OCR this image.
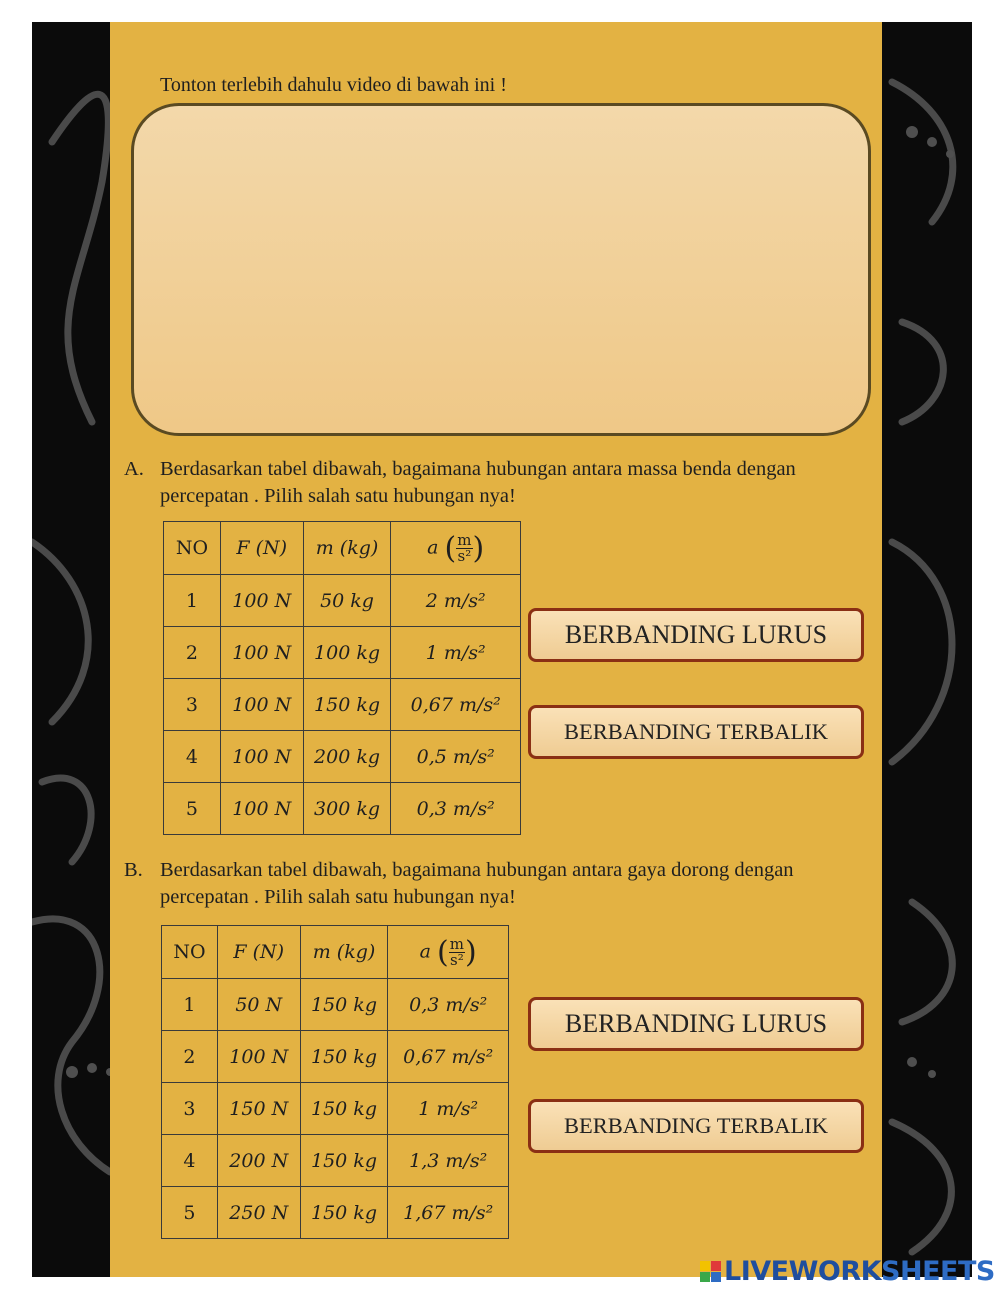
Tonton terlebih dahulu video di bawah ini !
A. Berdasarkan tabel dibawah, bagaimana hubungan antara massa benda dengan percepatan . Pilih salah satu hubungan nya!
NO	F (N)	m (kg)	a ( $\frac{m}{\text{s²}}$ )
1	100 N	50 kg	2 m/s²
2	100 N	100 kg	1 m/s²
3	100 N	150 kg	0,67 m/s²
4	100 N	200 kg	0,5 m/s²
5	100 N	300 kg	0,3 m/s²
BERBANDING LURUS
BERBANDING TERBALIK
B. Berdasarkan tabel dibawah, bagaimana hubungan antara gaya dorong dengan percepatan . Pilih salah satu hubungan nya!
NO	F (N)	m (kg)	a ( $\frac{m}{\text{s²}}$ )
1	50 N	150 kg	0,3 m/s²
2	100 N	150 kg	0,67 m/s²
3	150 N	150 kg	1 m/s²
4	200 N	150 kg	1,3 m/s²
5	250 N	150 kg	1,67 m/s²
BERBANDING LURUS
BERBANDING TERBALIK
LIVEWORK SHEETS
